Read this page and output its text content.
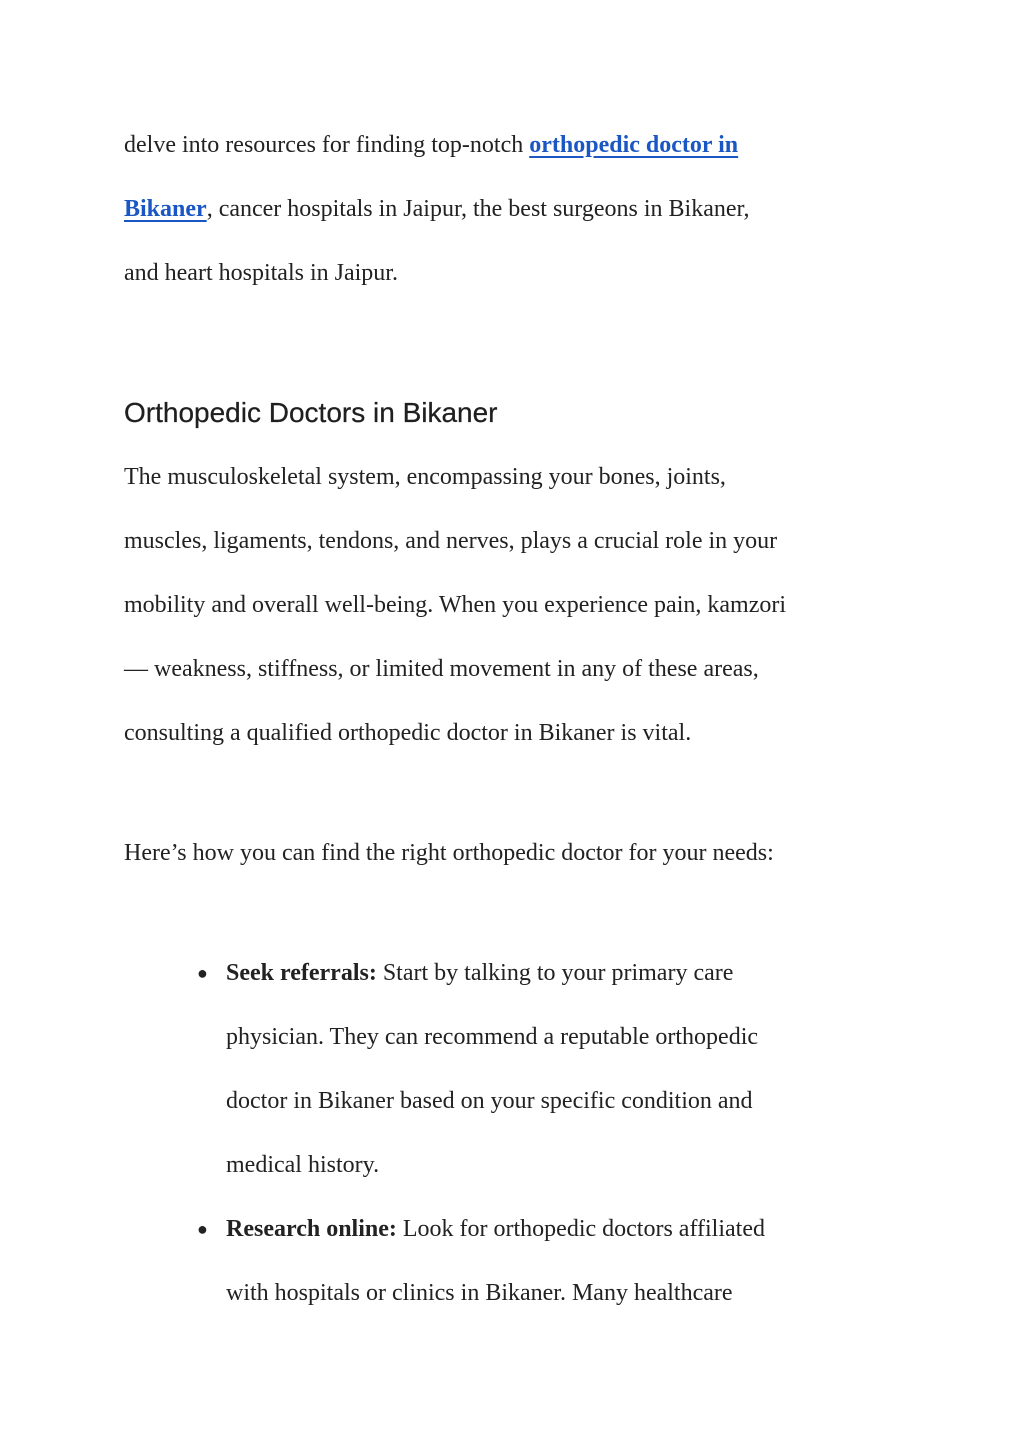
delve into resources for finding top-notch orthopedic doctor in

Bikaner, cancer hospitals in Jaipur, the best surgeons in Bikaner,

and heart hospitals in Jaipur.

Orthopedic Doctors in Bikaner

The musculoskeletal system, encompassing your bones, joints,

muscles, ligaments, tendons, and nerves, plays a crucial role in your

mobility and overall well-being. When you experience pain, kamzori

— weakness, stiffness, or limited movement in any of these areas,

consulting a qualified orthopedic doctor in Bikaner is vital.

Here’s how you can find the right orthopedic doctor for your needs:

● Seek referrals: Start by talking to your primary care

physician. They can recommend a reputable orthopedic

doctor in Bikaner based on your specific condition and

medical history.

● Research online: Look for orthopedic doctors affiliated

with hospitals or clinics in Bikaner. Many healthcare
